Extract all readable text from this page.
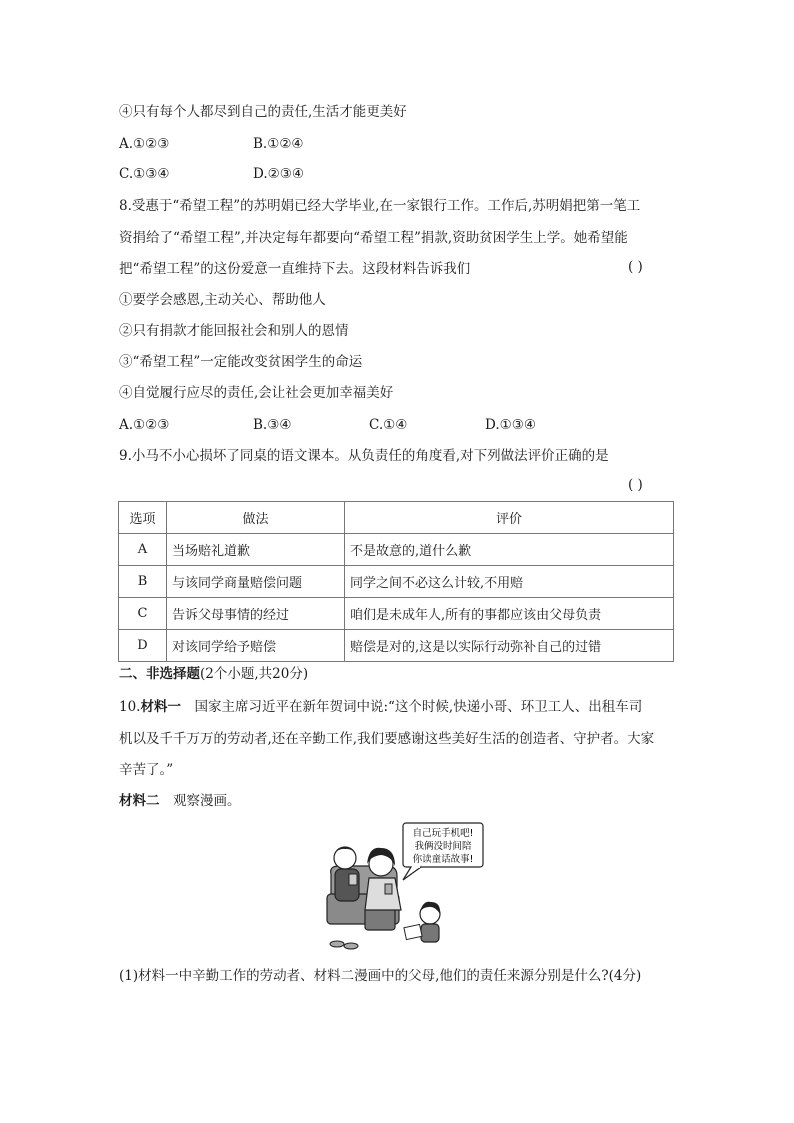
④只有每个人都尽到自己的责任,生活才能更美好
A.①②③	B.①②④
C.①③④	D.②③④
8.受惠于“希望工程”的苏明娟已经大学毕业,在一家银行工作。工作后,苏明娟把第一笔工
资捐给了“希望工程”,并决定每年都要向“希望工程”捐款,资助贫困学生上学。她希望能
把“希望工程”的这份爱意一直维持下去。这段材料告诉我们	( )
①要学会感恩,主动关心、帮助他人
②只有捐款才能回报社会和别人的恩情
③“希望工程”一定能改变贫困学生的命运
④自觉履行应尽的责任,会让社会更加幸福美好
A.①②③	B.③④	C.①④	D.①③④
9.小马不小心损坏了同桌的语文课本。从负责任的角度看,对下列做法评价正确的是
( )
选项	做法	评价
A	当场赔礼道歉	不是故意的,道什么歉
B	与该同学商量赔偿问题	同学之间不必这么计较,不用赔
C	告诉父母事情的经过	咱们是未成年人,所有的事都应该由父母负责
D	对该同学给予赔偿	赔偿是对的,这是以实际行动弥补自己的过错
二、非选择题(2个小题,共20分)
10.材料一　国家主席习近平在新年贺词中说:“这个时候,快递小哥、环卫工人、出租车司
机以及千千万万的劳动者,还在辛勤工作,我们要感谢这些美好生活的创造者、守护者。大家
辛苦了。”
材料二　观察漫画。
自己玩手机吧!
我俩没时间陪
你读童话故事!
(1)材料一中辛勤工作的劳动者、材料二漫画中的父母,他们的责任来源分别是什么?(4分)
